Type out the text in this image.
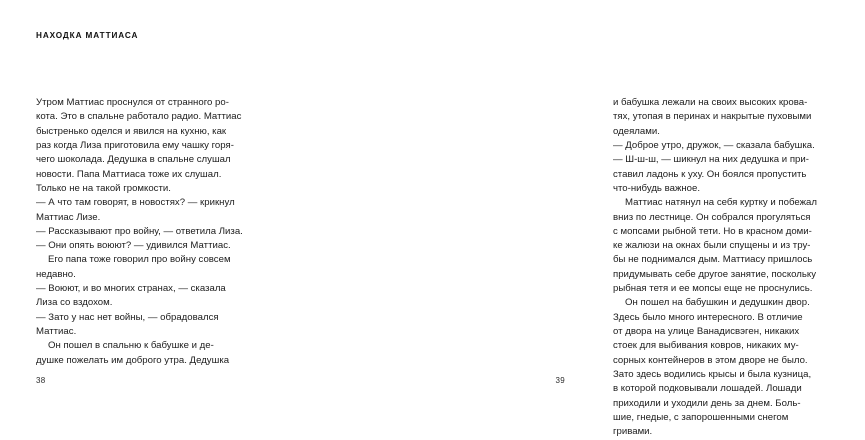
НАХОДКА МАТТИАСА
Утром Маттиас проснулся от странного ро-
кота. Это в спальне работало радио. Маттиас
быстренько оделся и явился на кухню, как
раз когда Лиза приготовила ему чашку горя-
чего шоколада. Дедушка в спальне слушал
новости. Папа Маттиаса тоже их слушал.
Только не на такой громкости.
— А что там говорят, в новостях? — крикнул
Маттиас Лизе.
— Рассказывают про войну, — ответила Лиза.
— Они опять воюют? — удивился Маттиас.
Его папа тоже говорил про войну совсем
недавно.
— Воюют, и во многих странах, — сказала
Лиза со вздохом.
— Зато у нас нет войны, — обрадовался
Маттиас.
Он пошел в спальню к бабушке и де-
душке пожелать им доброго утра. Дедушка
38
и бабушка лежали на своих высоких крова-
тях, утопая в перинах и накрытые пуховыми
одеялами.
— Доброе утро, дружок, — сказала бабушка.
— Ш-ш-ш, — шикнул на них дедушка и при-
ставил ладонь к уху. Он боялся пропустить
что-нибудь важное.
Маттиас натянул на себя куртку и побежал
вниз по лестнице. Он собрался прогуляться
с мопсами рыбной тети. Но в красном доми-
ке жалюзи на окнах были спущены и из тру-
бы не поднимался дым. Маттиасу пришлось
придумывать себе другое занятие, поскольку
рыбная тетя и ее мопсы еще не проснулись.
Он пошел на бабушкин и дедушкин двор.
Здесь было много интересного. В отличие
от двора на улице Ванадисвэген, никаких
стоек для выбивания ковров, никаких му-
сорных контейнеров в этом дворе не было.
Зато здесь водились крысы и была кузница,
в которой подковывали лошадей. Лошади
приходили и уходили день за днем. Боль-
шие, гнедые, с запорошенными снегом
гривами.
39
